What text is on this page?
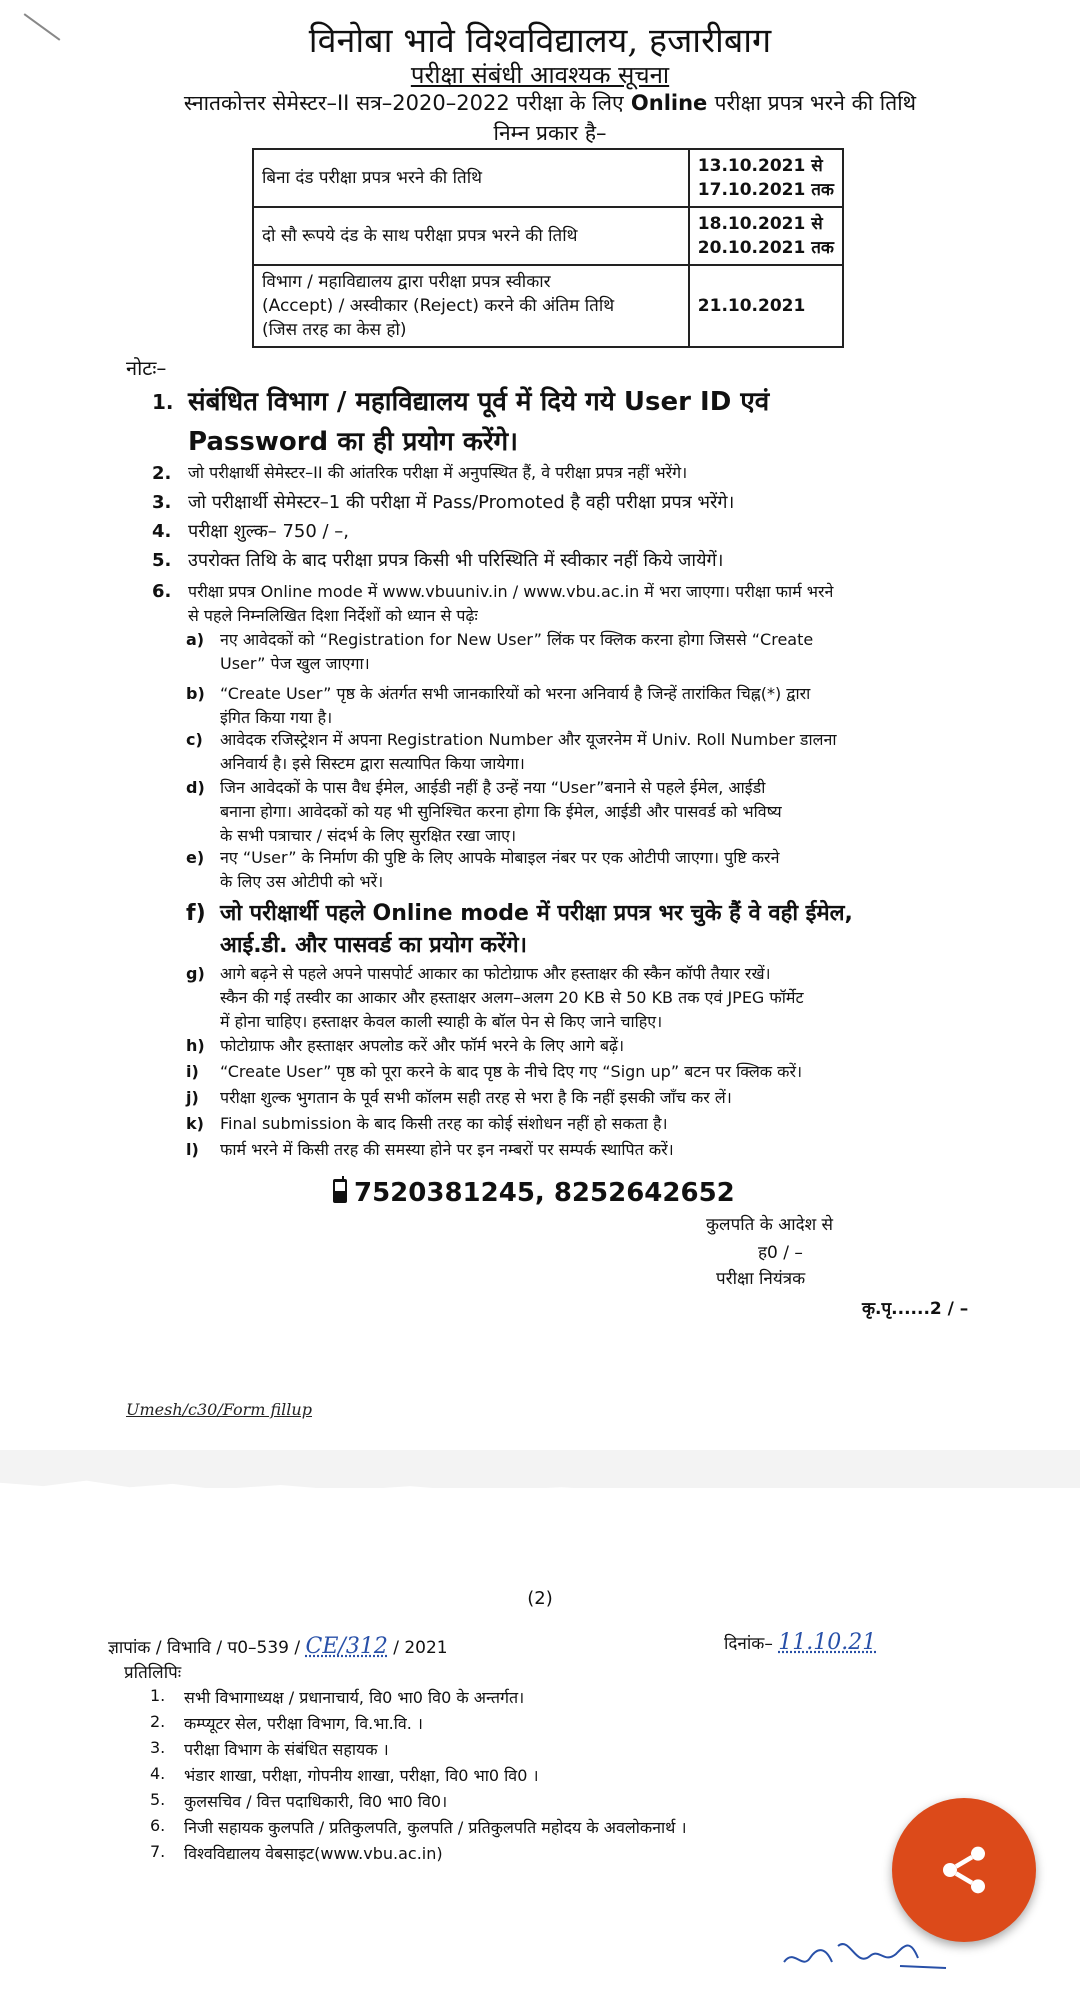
विनोबा भावे विश्वविद्यालय, हजारीबाग
परीक्षा संबंधी आवश्यक सूचना
स्नातकोत्तर सेमेस्टर–II सत्र–2020–2022 परीक्षा के लिए Online परीक्षा प्रपत्र भरने की तिथि
निम्न प्रकार है–
बिना दंड परीक्षा प्रपत्र भरने की तिथि	13.10.2021 से
17.10.2021 तक
दो सौ रूपये दंड के साथ परीक्षा प्रपत्र भरने की तिथि	18.10.2021 से
20.10.2021 तक
विभाग / महाविद्यालय द्वारा परीक्षा प्रपत्र स्वीकार
(Accept) / अस्वीकार (Reject) करने की अंतिम तिथि
(जिस तरह का केस हो)	21.10.2021
नोटः–
1. संबंधित विभाग / महाविद्यालय पूर्व में दिये गये User ID एवं
Password का ही प्रयोग करेंगे।
2. जो परीक्षार्थी सेमेस्टर–II की आंतरिक परीक्षा में अनुपस्थित हैं, वे परीक्षा प्रपत्र नहीं भरेंगे।
3. जो परीक्षार्थी सेमेस्टर–1 की परीक्षा में Pass/Promoted है वही परीक्षा प्रपत्र भरेंगे।
4. परीक्षा शुल्क– 750 / –,
5. उपरोक्त तिथि के बाद परीक्षा प्रपत्र किसी भी परिस्थिति में स्वीकार नहीं किये जायेगें।
6. परीक्षा प्रपत्र Online mode में www.vbuuniv.in / www.vbu.ac.in में भरा जाएगा। परीक्षा फार्म भरने
से पहले निम्नलिखित दिशा निर्देशों को ध्यान से पढ़ेः
a) नए आवेदकों को “Registration for New User” लिंक पर क्लिक करना होगा जिससे “Create
User” पेज खुल जाएगा।
b) “Create User” पृष्ठ के अंतर्गत सभी जानकारियों को भरना अनिवार्य है जिन्हें तारांकित चिह्न(*) द्वारा
इंगित किया गया है।
c) आवेदक रजिस्ट्रेशन में अपना Registration Number और यूजरनेम में Univ. Roll Number डालना
अनिवार्य है। इसे सिस्टम द्वारा सत्यापित किया जायेगा।
d) जिन आवेदकों के पास वैध ईमेल, आईडी नहीं है उन्हें नया “User”बनाने से पहले ईमेल, आईडी
बनाना होगा। आवेदकों को यह भी सुनिश्चित करना होगा कि ईमेल, आईडी और पासवर्ड को भविष्य
के सभी पत्राचार / संदर्भ के लिए सुरक्षित रखा जाए।
e) नए “User” के निर्माण की पुष्टि के लिए आपके मोबाइल नंबर पर एक ओटीपी जाएगा। पुष्टि करने
के लिए उस ओटीपी को भरें।
f) जो परीक्षार्थी पहले Online mode में परीक्षा प्रपत्र भर चुके हैं वे वही ईमेल,
आई.डी. और पासवर्ड का प्रयोग करेंगे।
g) आगे बढ़ने से पहले अपने पासपोर्ट आकार का फोटोग्राफ और हस्ताक्षर की स्कैन कॉपी तैयार रखें।
स्कैन की गई तस्वीर का आकार और हस्ताक्षर अलग–अलग 20 KB से 50 KB तक एवं JPEG फॉर्मेट
में होना चाहिए। हस्ताक्षर केवल काली स्याही के बॉल पेन से किए जाने चाहिए।
h) फोटोग्राफ और हस्ताक्षर अपलोड करें और फॉर्म भरने के लिए आगे बढ़ें।
i) “Create User” पृष्ठ को पूरा करने के बाद पृष्ठ के नीचे दिए गए “Sign up” बटन पर क्लिक करें।
j) परीक्षा शुल्क भुगतान के पूर्व सभी कॉलम सही तरह से भरा है कि नहीं इसकी जाँच कर लें।
k) Final submission के बाद किसी तरह का कोई संशोधन नहीं हो सकता है।
l) फार्म भरने में किसी तरह की समस्या होने पर इन नम्बरों पर सम्पर्क स्थापित करें।
7520381245, 8252642652
कुलपति के आदेश से
ह0 / –
परीक्षा नियंत्रक
कृ.पृ......2 / –
Umesh/c30/Form fillup
(2)
ज्ञापांक / विभावि / प0–539 / CE/312 / 2021	दिनांक– 11.10.21
प्रतिलिपिः
1. सभी विभागाध्यक्ष / प्रधानाचार्य, वि0 भा0 वि0 के अन्तर्गत।
2. कम्प्यूटर सेल, परीक्षा विभाग, वि.भा.वि. ।
3. परीक्षा विभाग के संबंधित सहायक ।
4. भंडार शाखा, परीक्षा, गोपनीय शाखा, परीक्षा, वि0 भा0 वि0 ।
5. कुलसचिव / वित्त पदाधिकारी, वि0 भा0 वि0।
6. निजी सहायक कुलपति / प्रतिकुलपति, कुलपति / प्रतिकुलपति महोदय के अवलोकनार्थ ।
7. विश्वविद्यालय वेबसाइट(www.vbu.ac.in)
